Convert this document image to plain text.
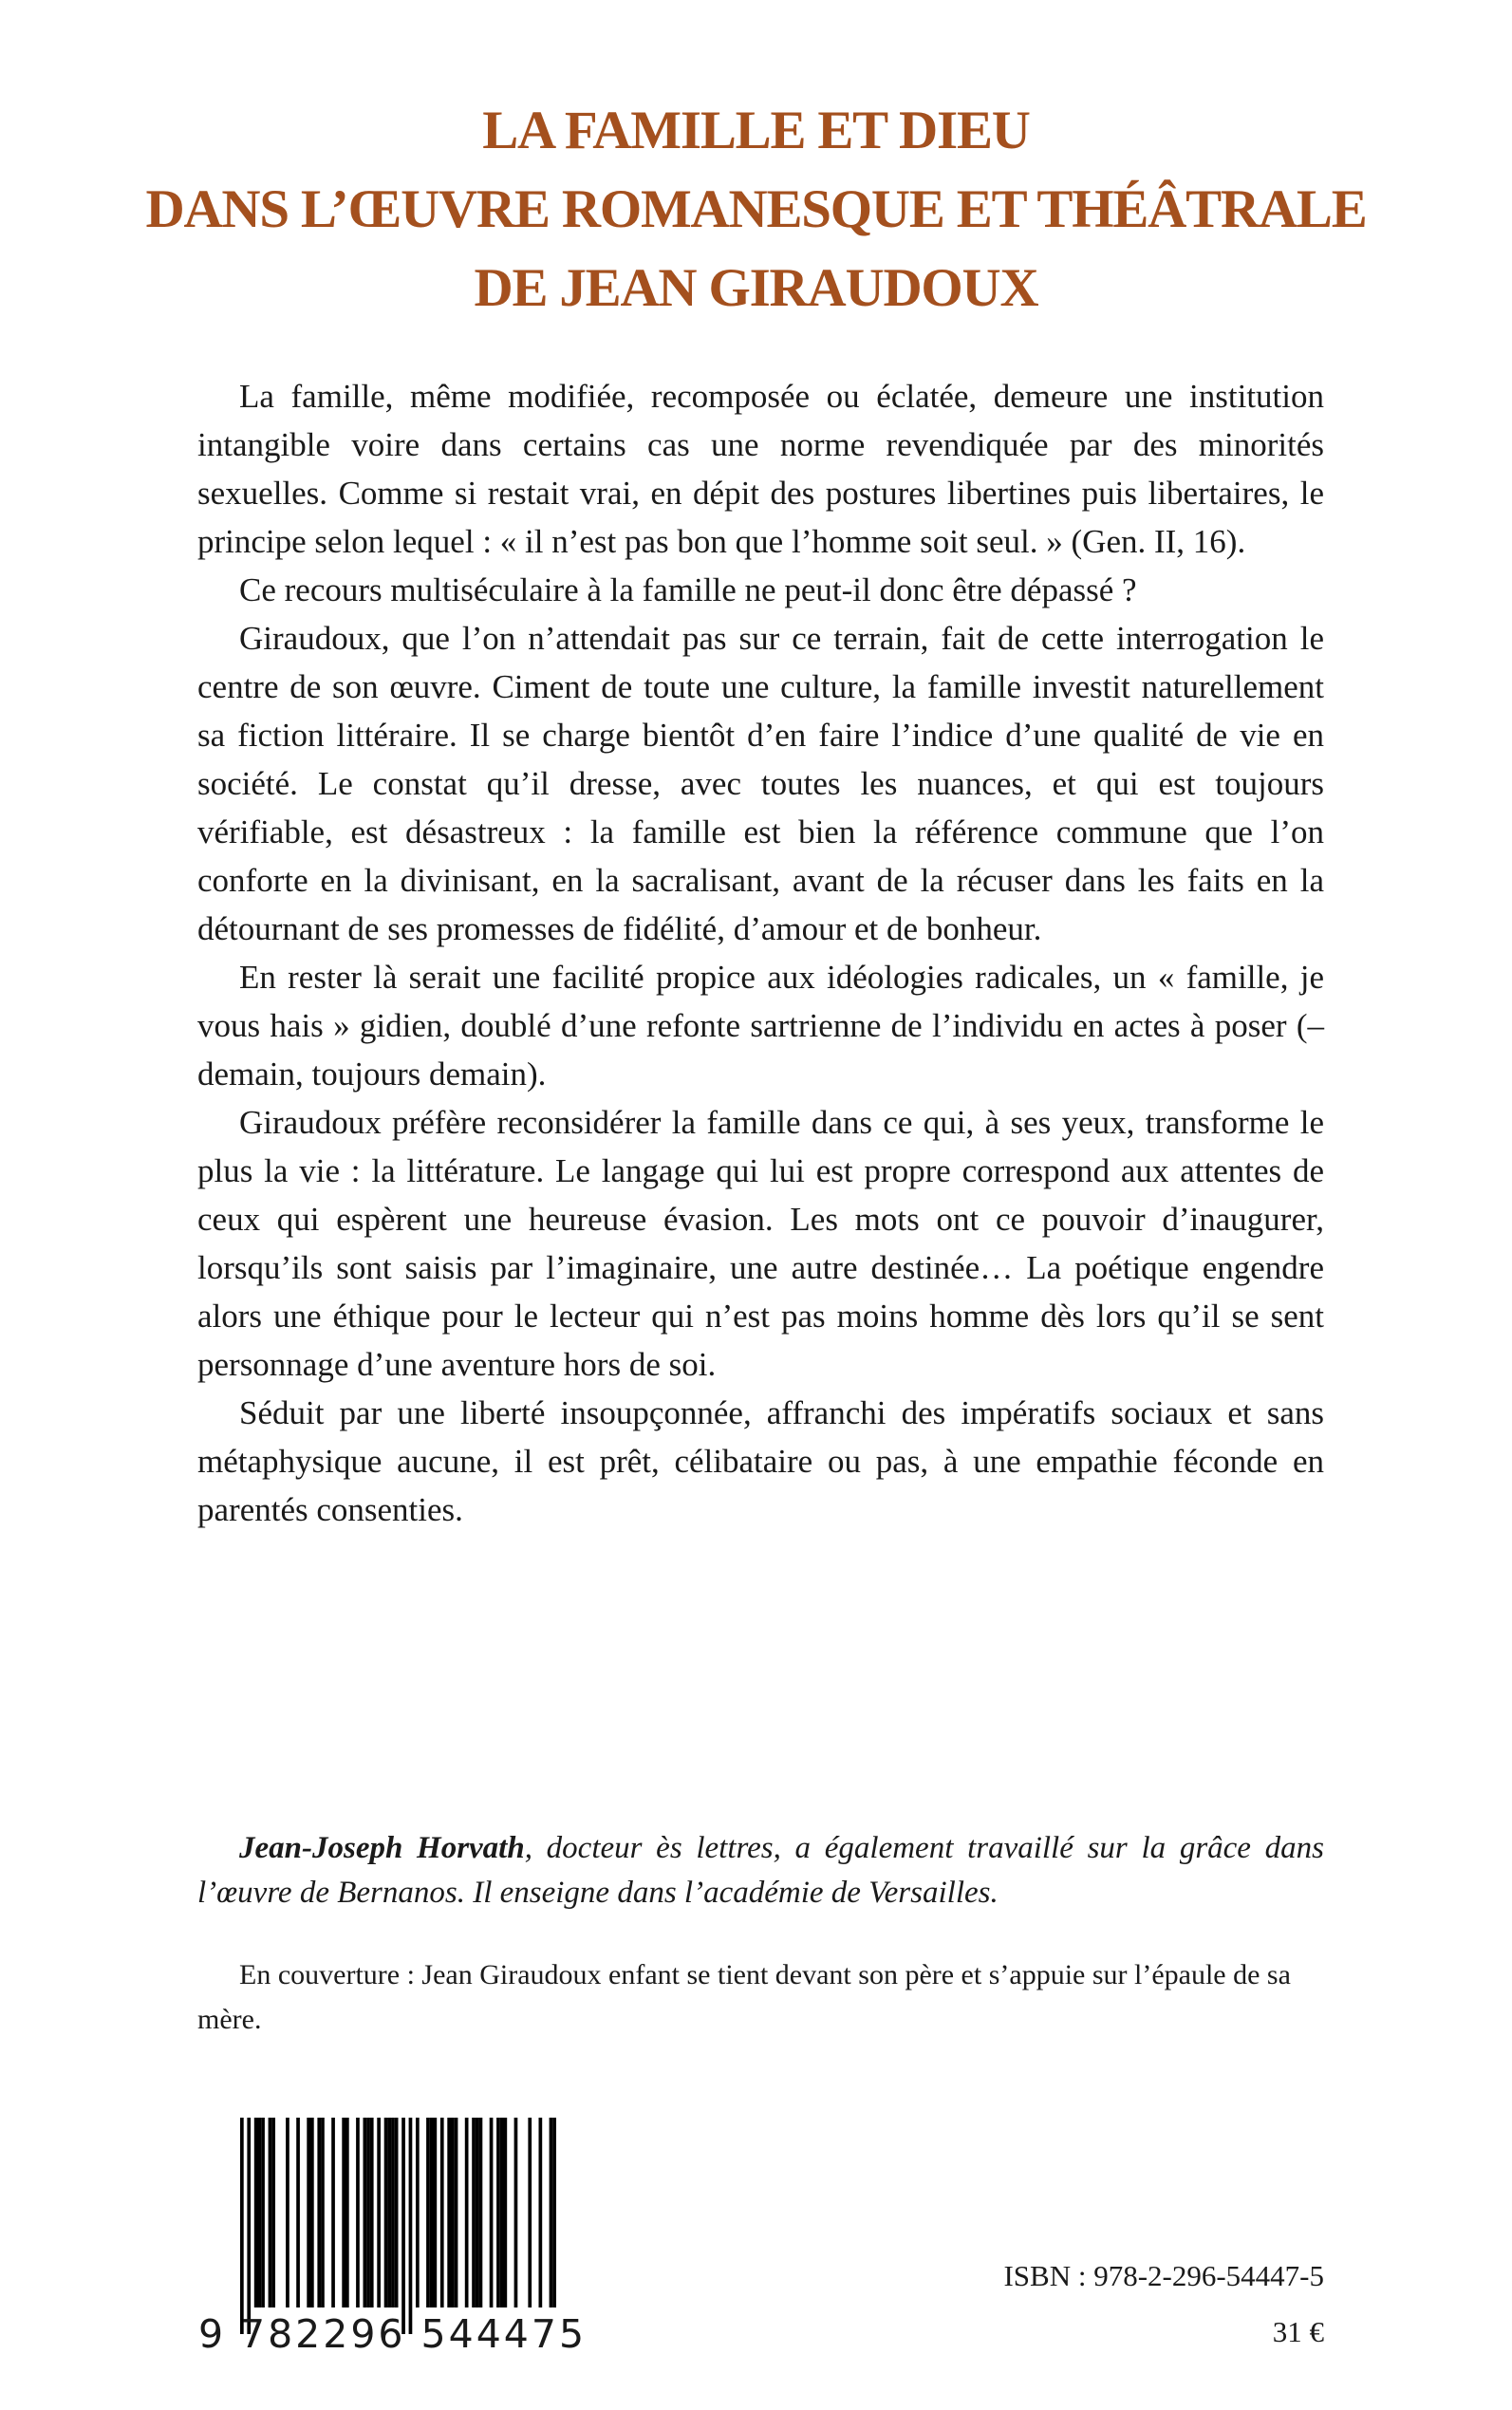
LA FAMILLE ET DIEU
DANS L’ŒUVRE ROMANESQUE ET THÉÂTRALE
DE JEAN GIRAUDOUX

La famille, même modifiée, recomposée ou éclatée, demeure une institution intangible voire dans certains cas une norme revendiquée par des minorités sexuelles. Comme si restait vrai, en dépit des postures libertines puis libertaires, le principe selon lequel : « il n’est pas bon que l’homme soit seul. » (Gen. II, 16).

Ce recours multiséculaire à la famille ne peut-il donc être dépassé ?

Giraudoux, que l’on n’attendait pas sur ce terrain, fait de cette interrogation le centre de son œuvre. Ciment de toute une culture, la famille investit naturellement sa fiction littéraire. Il se charge bientôt d’en faire l’indice d’une qualité de vie en société. Le constat qu’il dresse, avec toutes les nuances, et qui est toujours vérifiable, est désastreux : la famille est bien la référence commune que l’on conforte en la divinisant, en la sacralisant, avant de la récuser dans les faits en la détournant de ses promesses de fidélité, d’amour et de bonheur.

En rester là serait une facilité propice aux idéologies radicales, un « famille, je vous hais » gidien, doublé d’une refonte sartrienne de l’individu en actes à poser (– demain, toujours demain).

Giraudoux préfère reconsidérer la famille dans ce qui, à ses yeux, transforme le plus la vie : la littérature. Le langage qui lui est propre correspond aux attentes de ceux qui espèrent une heureuse évasion. Les mots ont ce pouvoir d’inaugurer, lorsqu’ils sont saisis par l’imaginaire, une autre destinée… La poétique engendre alors une éthique pour le lecteur qui n’est pas moins homme dès lors qu’il se sent personnage d’une aventure hors de soi.

Séduit par une liberté insoupçonnée, affranchi des impératifs sociaux et sans métaphysique aucune, il est prêt, célibataire ou pas, à une empathie féconde en parentés consenties.

Jean-Joseph Horvath, docteur ès lettres, a également travaillé sur la grâce dans l’œuvre de Bernanos. Il enseigne dans l’académie de Versailles.
En couverture : Jean Giraudoux enfant se tient devant son père et s’appuie sur l’épaule de sa mère.
9 782296 544475
ISBN : 978-2-296-54447-5
31 €
